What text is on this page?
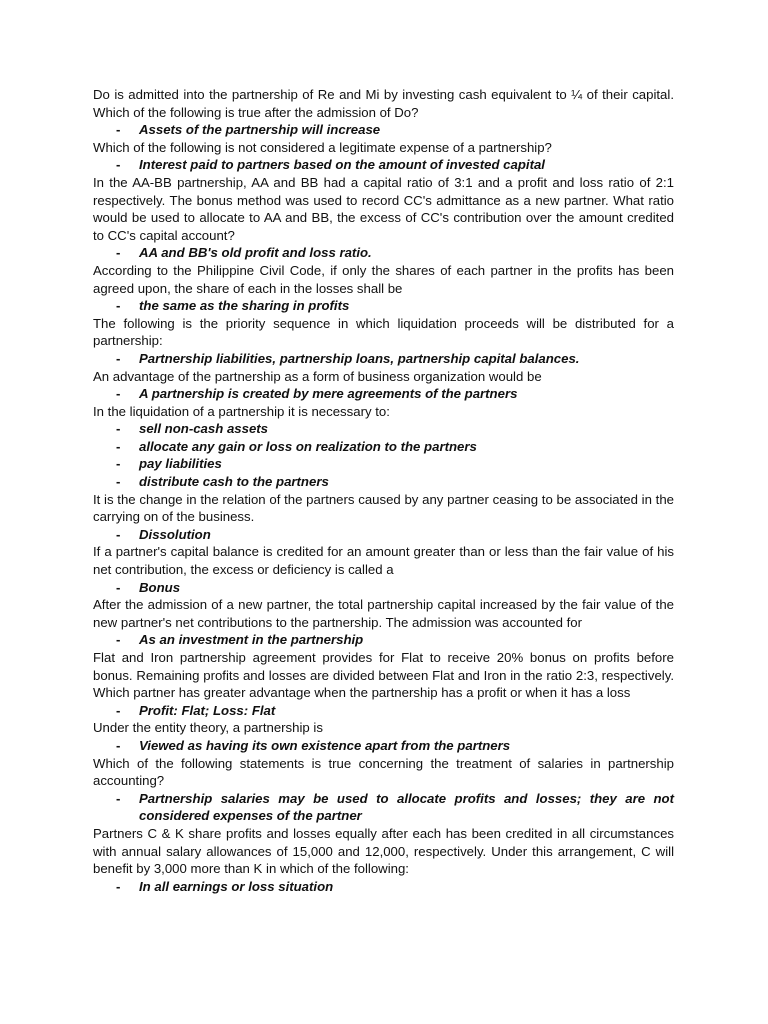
Do is admitted into the partnership of Re and Mi by investing cash equivalent to ¼ of their capital. Which of the following is true after the admission of Do?

- Assets of the partnership will increase

Which of the following is not considered a legitimate expense of a partnership?

- Interest paid to partners based on the amount of invested capital

In the AA-BB partnership, AA and BB had a capital ratio of 3:1 and a profit and loss ratio of 2:1 respectively. The bonus method was used to record CC's admittance as a new partner. What ratio would be used to allocate to AA and BB, the excess of CC's contribution over the amount credited to CC's capital account?

- AA and BB's old profit and loss ratio.

According to the Philippine Civil Code, if only the shares of each partner in the profits has been agreed upon, the share of each in the losses shall be

- the same as the sharing in profits

The following is the priority sequence in which liquidation proceeds will be distributed for a partnership:

- Partnership liabilities, partnership loans, partnership capital balances.

An advantage of the partnership as a form of business organization would be

- A partnership is created by mere agreements of the partners

In the liquidation of a partnership it is necessary to:

- sell non-cash assets
- allocate any gain or loss on realization to the partners
- pay liabilities
- distribute cash to the partners

It is the change in the relation of the partners caused by any partner ceasing to be associated in the carrying on of the business.

- Dissolution

If a partner's capital balance is credited for an amount greater than or less than the fair value of his net contribution, the excess or deficiency is called a

- Bonus

After the admission of a new partner, the total partnership capital increased by the fair value of the new partner's net contributions to the partnership. The admission was accounted for

- As an investment in the partnership

Flat and Iron partnership agreement provides for Flat to receive 20% bonus on profits before bonus. Remaining profits and losses are divided between Flat and Iron in the ratio 2:3, respectively. Which partner has greater advantage when the partnership has a profit or when it has a loss

- Profit: Flat; Loss: Flat

Under the entity theory, a partnership is

- Viewed as having its own existence apart from the partners

Which of the following statements is true concerning the treatment of salaries in partnership accounting?

- Partnership salaries may be used to allocate profits and losses; they are not considered expenses of the partner

Partners C & K share profits and losses equally after each has been credited in all circumstances with annual salary allowances of 15,000 and 12,000, respectively. Under this arrangement, C will benefit by 3,000 more than K in which of the following:

- In all earnings or loss situation
